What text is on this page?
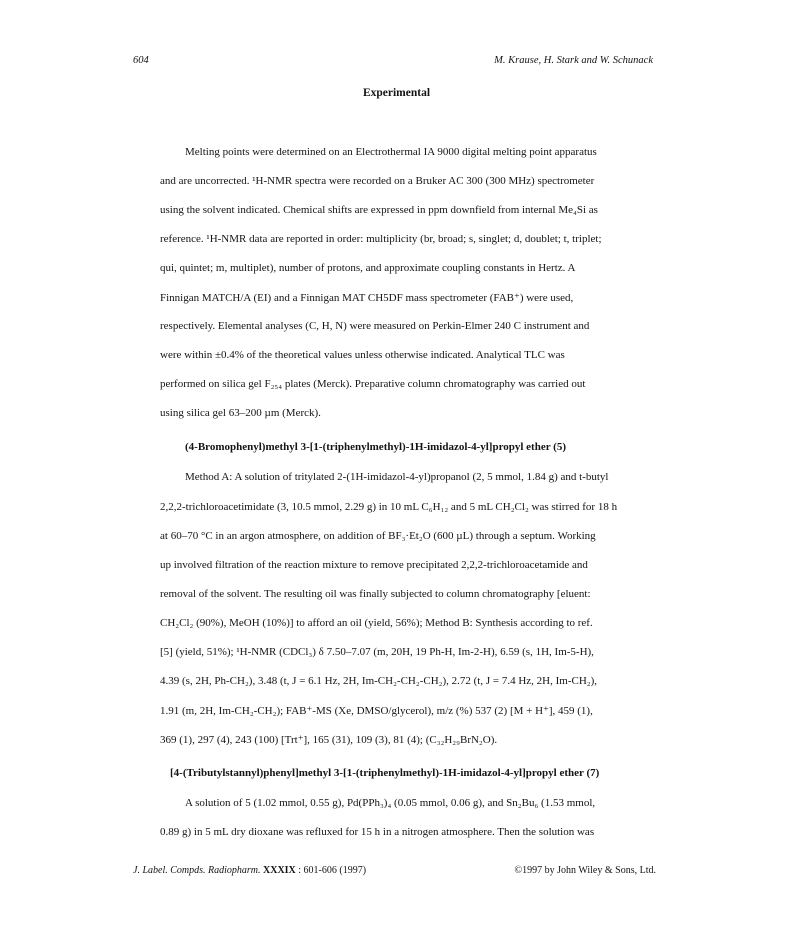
604	M. Krause, H. Stark and W. Schunack
Experimental
Melting points were determined on an Electrothermal IA 9000 digital melting point apparatus
and are uncorrected. ¹H-NMR spectra were recorded on a Bruker AC 300 (300 MHz) spectrometer
using the solvent indicated. Chemical shifts are expressed in ppm downfield from internal Me₄Si as
reference. ¹H-NMR data are reported in order: multiplicity (br, broad; s, singlet; d, doublet; t, triplet;
qui, quintet; m, multiplet), number of protons, and approximate coupling constants in Hertz. A
Finnigan MATCH/A (EI) and a Finnigan MAT CH5DF mass spectrometer (FAB⁺) were used,
respectively. Elemental analyses (C, H, N) were measured on Perkin-Elmer 240 C instrument and
were within ±0.4% of the theoretical values unless otherwise indicated. Analytical TLC was
performed on silica gel F₂₅₄ plates (Merck). Preparative column chromatography was carried out
using silica gel 63–200 µm (Merck).
(4-Bromophenyl)methyl 3-[1-(triphenylmethyl)-1H-imidazol-4-yl]propyl ether (5)
Method A: A solution of tritylated 2-(1H-imidazol-4-yl)propanol (2, 5 mmol, 1.84 g) and t-butyl
2,2,2-trichloroacetimidate (3, 10.5 mmol, 2.29 g) in 10 mL C₆H₁₂ and 5 mL CH₂Cl₂ was stirred for 18 h
at 60–70 °C in an argon atmosphere, on addition of BF₃·Et₂O (600 µL) through a septum. Working
up involved filtration of the reaction mixture to remove precipitated 2,2,2-trichloroacetamide and
removal of the solvent. The resulting oil was finally subjected to column chromatography [eluent:
CH₂Cl₂ (90%), MeOH (10%)] to afford an oil (yield, 56%); Method B: Synthesis according to ref.
[5] (yield, 51%); ¹H-NMR (CDCl₃) δ 7.50–7.07 (m, 20H, 19 Ph-H, Im-2-H), 6.59 (s, 1H, Im-5-H),
4.39 (s, 2H, Ph-CH₂), 3.48 (t, J = 6.1 Hz, 2H, Im-CH₂-CH₂-CH₂), 2.72 (t, J = 7.4 Hz, 2H, Im-CH₂),
1.91 (m, 2H, Im-CH₂-CH₂); FAB⁺-MS (Xe, DMSO/glycerol), m/z (%) 537 (2) [M + H⁺], 459 (1),
369 (1), 297 (4), 243 (100) [Trt⁺], 165 (31), 109 (3), 81 (4); (C₃₂H₂₉BrN₂O).
[4-(Tributylstannyl)phenyl]methyl 3-[1-(triphenylmethyl)-1H-imidazol-4-yl]propyl ether (7)
A solution of 5 (1.02 mmol, 0.55 g), Pd(PPh₃)₄ (0.05 mmol, 0.06 g), and Sn₂Bu₆ (1.53 mmol,
0.89 g) in 5 mL dry dioxane was refluxed for 15 h in a nitrogen atmosphere. Then the solution was
J. Label. Compds. Radiopharm. XXXIX : 601-606 (1997)	©1997 by John Wiley & Sons, Ltd.
